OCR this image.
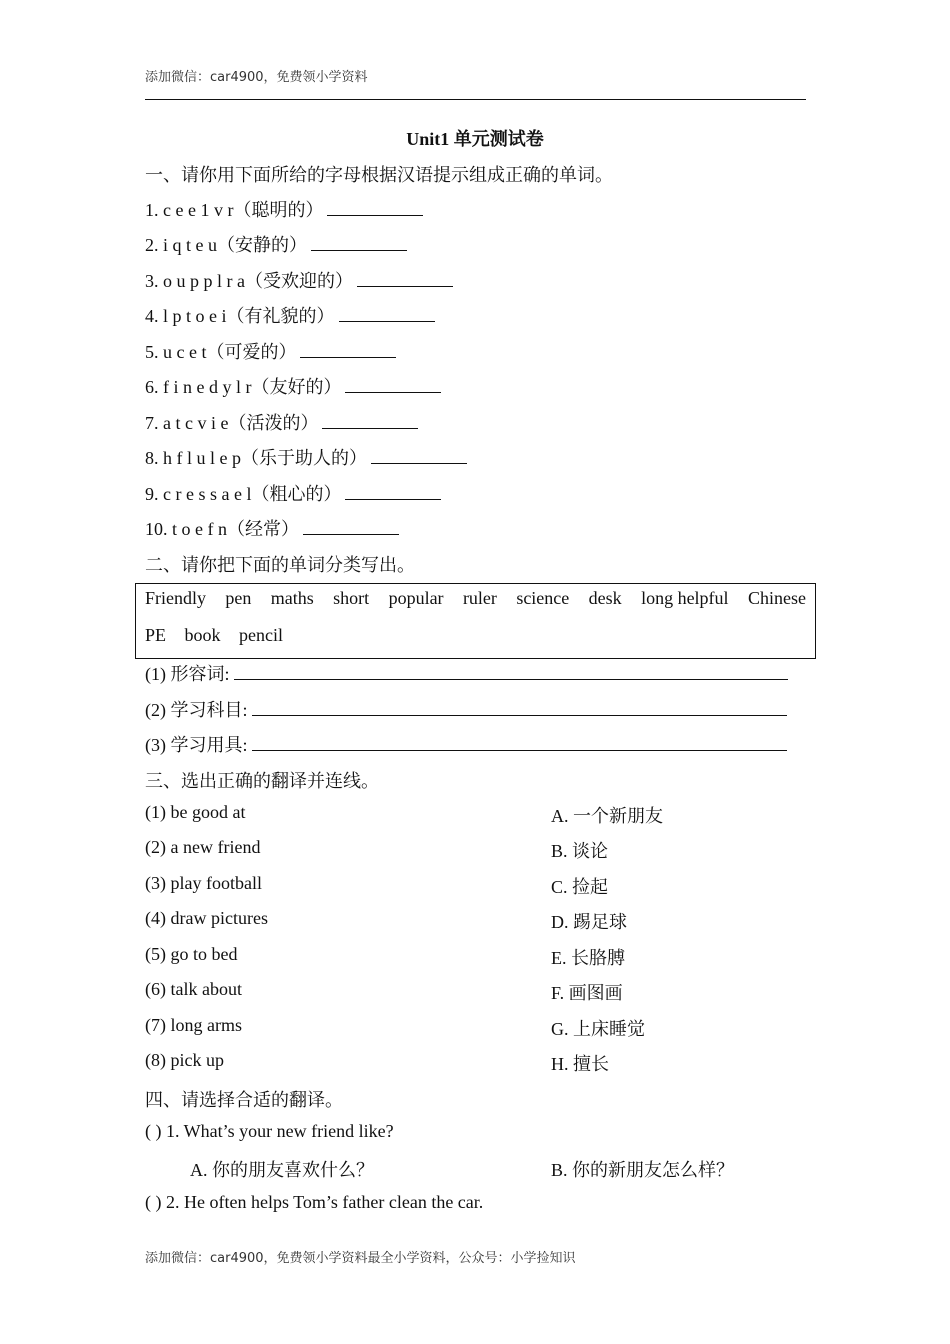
添加微信：car4900，免费领小学资料
Unit1 单元测试卷
一、请你用下面所给的字母根据汉语提示组成正确的单词。
1. c e e 1 v r（聪明的）
2. i q t e u（安静的）
3. o u p p l r a（受欢迎的）
4. l p t o e i（有礼貌的）
5. u c e t（可爱的）
6. f i n e d y l r（友好的）
7. a t c v i e（活泼的）
8. h f l u l e p（乐于助人的）
9. c r e s s a e l（粗心的）
10. t o e f n（经常）
二、请你把下面的单词分类写出。
Friendly pen maths short popular ruler science desk long helpful Chinese
PE book pencil
(1) 形容词:
(2) 学习科目:
(3) 学习用具:
三、选出正确的翻译并连线。
(1) be good at
(2) a new friend
(3) play football
(4) draw pictures
(5) go to bed
(6) talk about
(7) long arms
(8) pick up
A. 一个新朋友
B. 谈论
C. 捡起
D. 踢足球
E. 长胳膊
F. 画图画
G. 上床睡觉
H. 擅长
四、请选择合适的翻译。
( ) 1. What’s your new friend like?
A. 你的朋友喜欢什么？	B. 你的新朋友怎么样？
( ) 2. He often helps Tom’s father clean the car.
添加微信：car4900，免费领小学资料最全小学资料，公众号：小学捡知识
